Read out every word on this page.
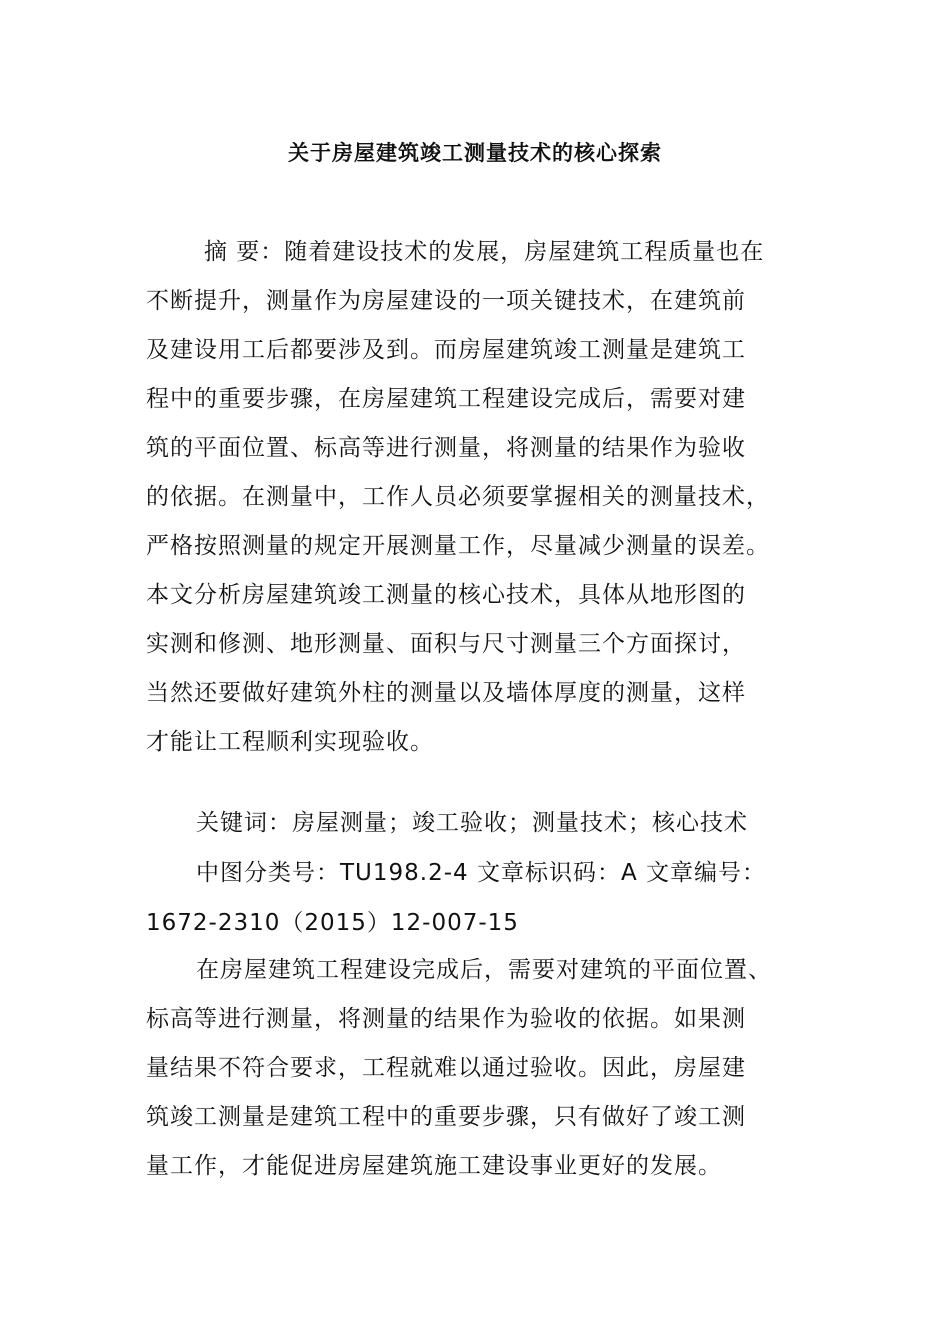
关于房屋建筑竣工测量技术的核心探索
摘 要：随着建设技术的发展，房屋建筑工程质量也在
不断提升，测量作为房屋建设的一项关键技术，在建筑前
及建设用工后都要涉及到。而房屋建筑竣工测量是建筑工
程中的重要步骤，在房屋建筑工程建设完成后，需要对建
筑的平面位置、标高等进行测量，将测量的结果作为验收
的依据。在测量中，工作人员必须要掌握相关的测量技术，
严格按照测量的规定开展测量工作，尽量减少测量的误差。
本文分析房屋建筑竣工测量的核心技术，具体从地形图的
实测和修测、地形测量、面积与尺寸测量三个方面探讨，
当然还要做好建筑外柱的测量以及墙体厚度的测量，这样
才能让工程顺利实现验收。
关键词：房屋测量；竣工验收；测量技术；核心技术
中图分类号：TU198.2-4 文章标识码：A 文章编号：
1672-2310（2015）12-007-15
在房屋建筑工程建设完成后，需要对建筑的平面位置、
标高等进行测量，将测量的结果作为验收的依据。如果测
量结果不符合要求，工程就难以通过验收。因此，房屋建
筑竣工测量是建筑工程中的重要步骤，只有做好了竣工测
量工作，才能促进房屋建筑施工建设事业更好的发展。
